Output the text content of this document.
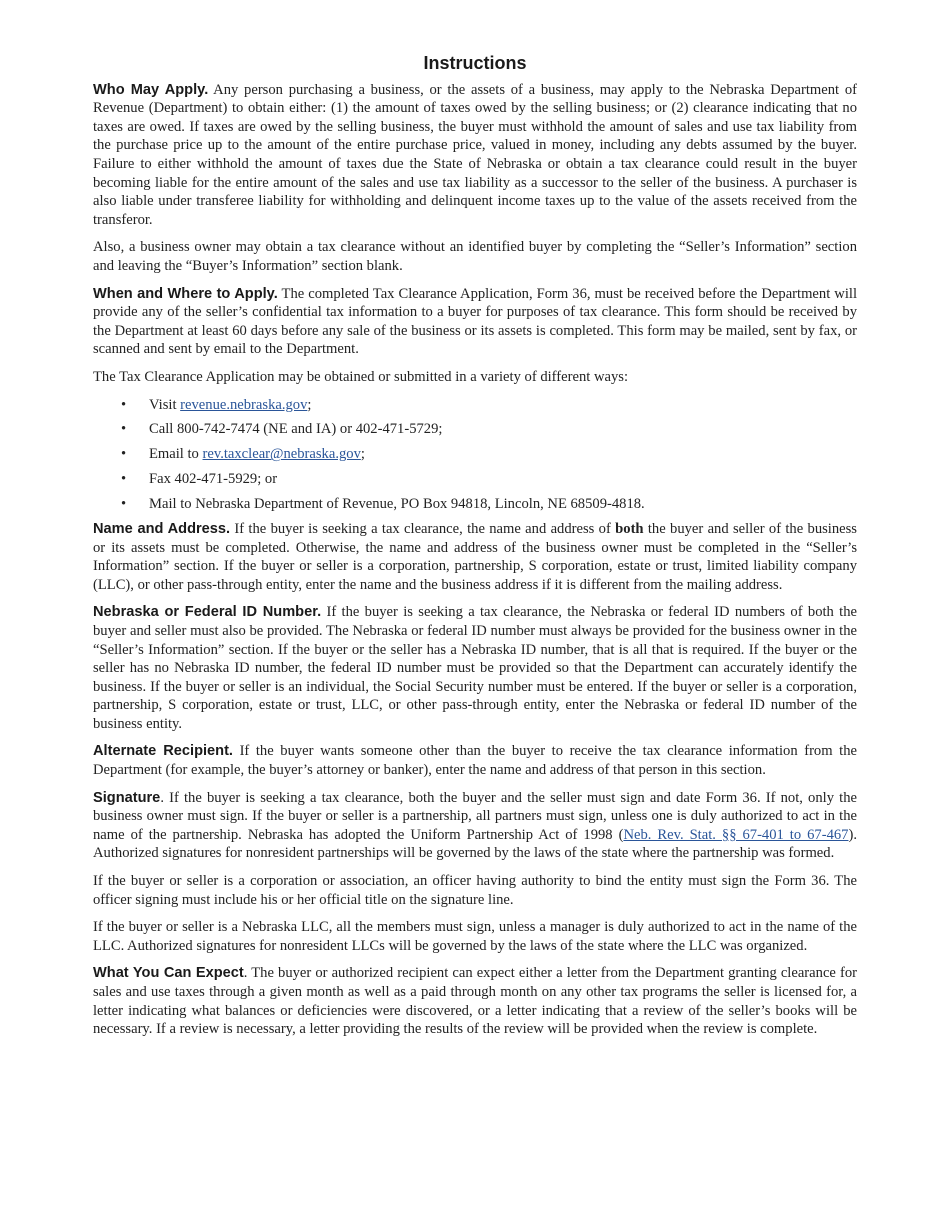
Instructions

Who May Apply. Any person purchasing a business, or the assets of a business, may apply to the Nebraska Department of Revenue (Department) to obtain either: (1) the amount of taxes owed by the selling business; or (2) clearance indicating that no taxes are owed. If taxes are owed by the selling business, the buyer must withhold the amount of sales and use tax liability from the purchase price up to the amount of the entire purchase price, valued in money, including any debts assumed by the buyer. Failure to either withhold the amount of taxes due the State of Nebraska or obtain a tax clearance could result in the buyer becoming liable for the entire amount of the sales and use tax liability as a successor to the seller of the business. A purchaser is also liable under transferee liability for withholding and delinquent income taxes up to the value of the assets received from the transferor.

Also, a business owner may obtain a tax clearance without an identified buyer by completing the “Seller’s Information” section and leaving the “Buyer’s Information” section blank.

When and Where to Apply. The completed Tax Clearance Application, Form 36, must be received before the Department will provide any of the seller’s confidential tax information to a buyer for purposes of tax clearance. This form should be received by the Department at least 60 days before any sale of the business or its assets is completed. This form may be mailed, sent by fax, or scanned and sent by email to the Department.

The Tax Clearance Application may be obtained or submitted in a variety of different ways:

• Visit revenue.nebraska.gov;
• Call 800-742-7474 (NE and IA) or 402-471-5729;
• Email to rev.taxclear@nebraska.gov;
• Fax 402-471-5929; or
• Mail to Nebraska Department of Revenue, PO Box 94818, Lincoln, NE 68509-4818.

Name and Address. If the buyer is seeking a tax clearance, the name and address of both the buyer and seller of the business or its assets must be completed. Otherwise, the name and address of the business owner must be completed in the “Seller’s Information” section. If the buyer or seller is a corporation, partnership, S corporation, estate or trust, limited liability company (LLC), or other pass-through entity, enter the name and the business address if it is different from the mailing address.

Nebraska or Federal ID Number. If the buyer is seeking a tax clearance, the Nebraska or federal ID numbers of both the buyer and seller must also be provided. The Nebraska or federal ID number must always be provided for the business owner in the “Seller’s Information” section. If the buyer or the seller has a Nebraska ID number, that is all that is required. If the buyer or the seller has no Nebraska ID number, the federal ID number must be provided so that the Department can accurately identify the business. If the buyer or seller is an individual, the Social Security number must be entered. If the buyer or seller is a corporation, partnership, S corporation, estate or trust, LLC, or other pass-through entity, enter the Nebraska or federal ID number of the business entity.

Alternate Recipient. If the buyer wants someone other than the buyer to receive the tax clearance information from the Department (for example, the buyer’s attorney or banker), enter the name and address of that person in this section.

Signature. If the buyer is seeking a tax clearance, both the buyer and the seller must sign and date Form 36. If not, only the business owner must sign. If the buyer or seller is a partnership, all partners must sign, unless one is duly authorized to act in the name of the partnership. Nebraska has adopted the Uniform Partnership Act of 1998 (Neb. Rev. Stat. §§ 67-401 to 67-467). Authorized signatures for nonresident partnerships will be governed by the laws of the state where the partnership was formed.

If the buyer or seller is a corporation or association, an officer having authority to bind the entity must sign the Form 36. The officer signing must include his or her official title on the signature line.

If the buyer or seller is a Nebraska LLC, all the members must sign, unless a manager is duly authorized to act in the name of the LLC. Authorized signatures for nonresident LLCs will be governed by the laws of the state where the LLC was organized.

What You Can Expect. The buyer or authorized recipient can expect either a letter from the Department granting clearance for sales and use taxes through a given month as well as a paid through month on any other tax programs the seller is licensed for, a letter indicating what balances or deficiencies were discovered, or a letter indicating that a review of the seller’s books will be necessary. If a review is necessary, a letter providing the results of the review will be provided when the review is complete.
